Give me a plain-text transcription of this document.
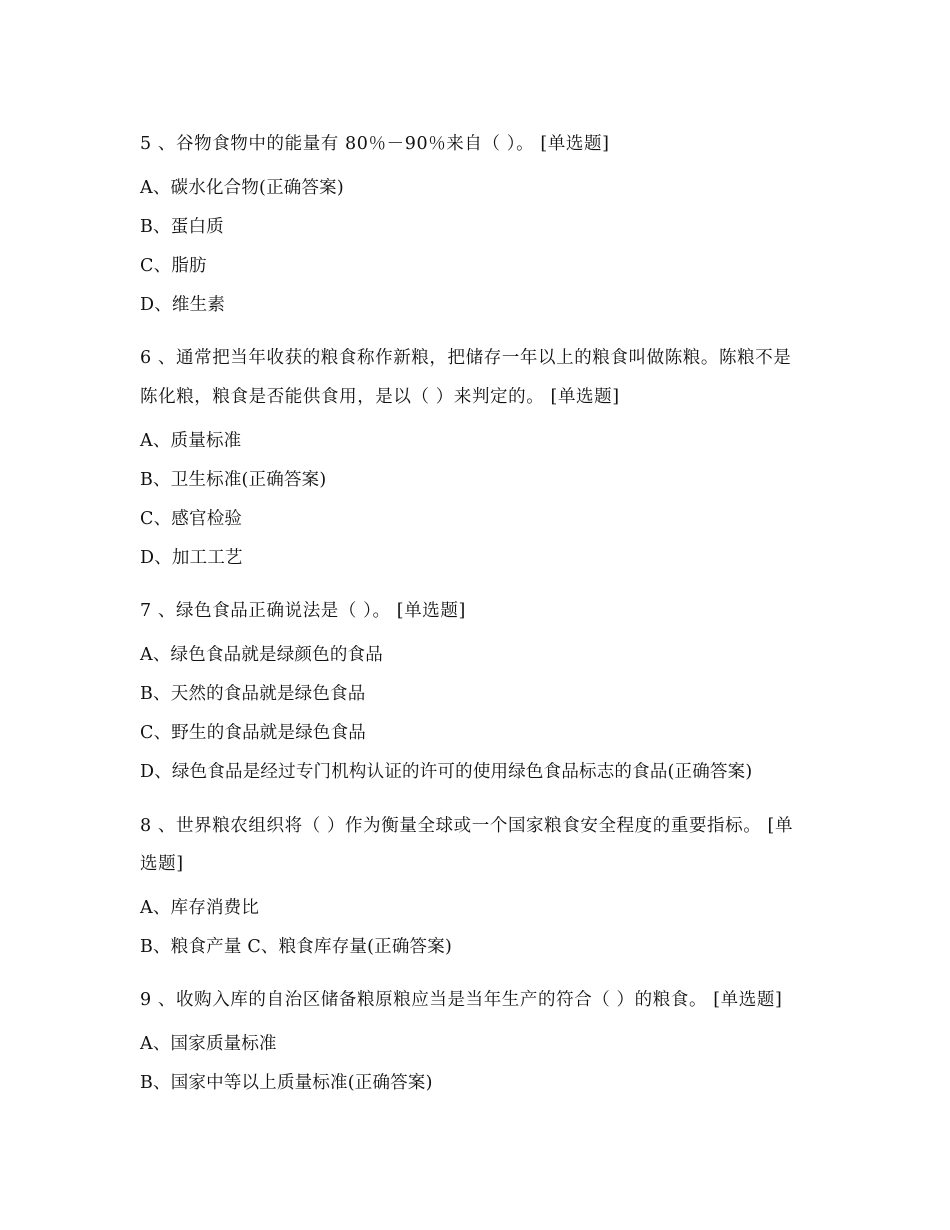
5 、谷物食物中的能量有 80％－90％来自（ ）。 [单选题]
A、碳水化合物(正确答案)
B、蛋白质
C、脂肪
D、维生素
6 、通常把当年收获的粮食称作新粮，把储存一年以上的粮食叫做陈粮。陈粮不是
陈化粮，粮食是否能供食用，是以（ ）来判定的。 [单选题]
A、质量标准
B、卫生标准(正确答案)
C、感官检验
D、加工工艺
7 、绿色食品正确说法是（ ）。 [单选题]
A、绿色食品就是绿颜色的食品
B、天然的食品就是绿色食品
C、野生的食品就是绿色食品
D、绿色食品是经过专门机构认证的许可的使用绿色食品标志的食品(正确答案)
8 、世界粮农组织将（ ）作为衡量全球或一个国家粮食安全程度的重要指标。 [单
选题]
A、库存消费比
B、粮食产量 C、粮食库存量(正确答案)
9 、收购入库的自治区储备粮原粮应当是当年生产的符合（ ）的粮食。 [单选题]
A、国家质量标准
B、国家中等以上质量标准(正确答案)
